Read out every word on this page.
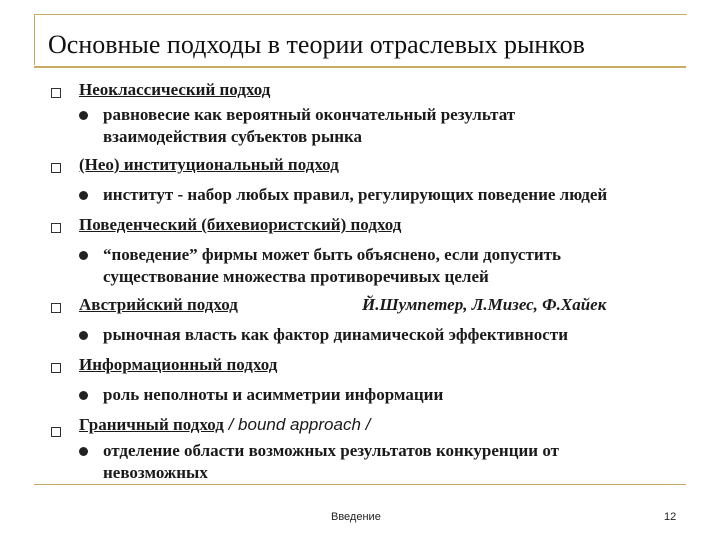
Основные подходы в теории отраслевых рынков
Неоклассический подход
равновесие как вероятный окончательный результат
взаимодействия субъектов рынка
(Нео) институциональный подход
институт - набор любых правил, регулирующих поведение людей
Поведенческий (бихевиористский) подход
“поведение” фирмы может быть объяснено, если допустить
существование множества противоречивых целей
Австрийский подход	Й.Шумпетер, Л.Мизес, Ф.Хайек
рыночная власть как фактор динамической эффективности
Информационный подход
роль неполноты и асимметрии информации
Граничный подход / bound approach /
отделение области возможных результатов конкуренции от
невозможных
Введение	12
